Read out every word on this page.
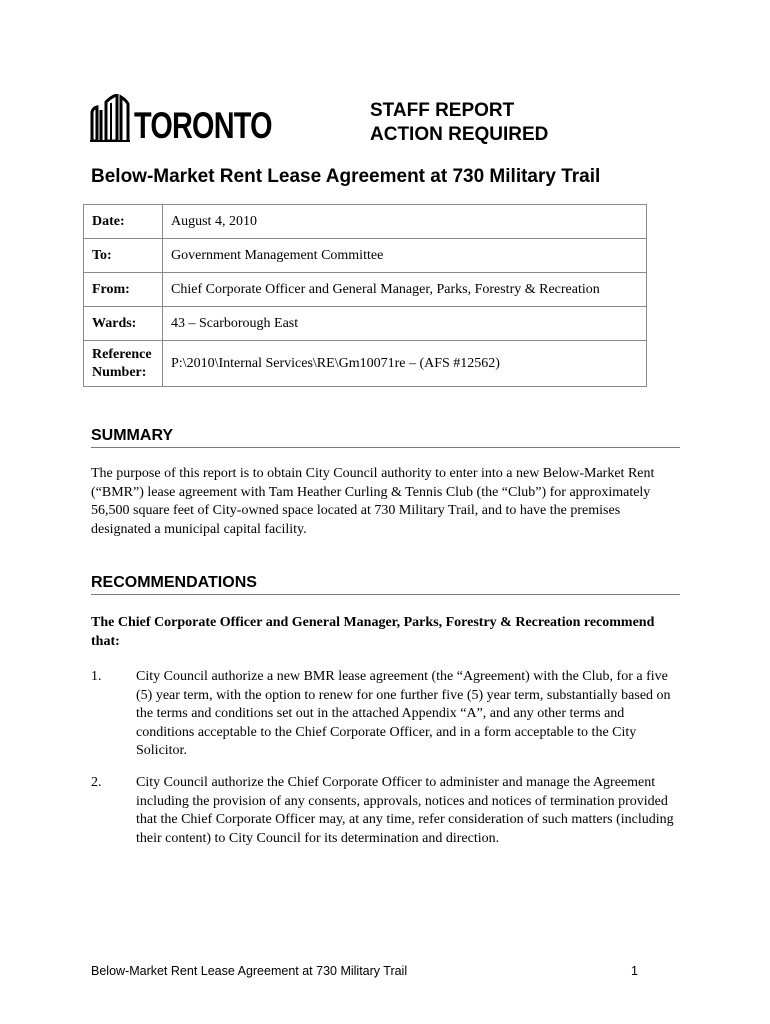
TORONTO	STAFF REPORT
ACTION REQUIRED
Below-Market Rent Lease Agreement at 730 Military Trail
Date:	August 4, 2010
To:	Government Management Committee
From:	Chief Corporate Officer and General Manager, Parks, Forestry & Recreation
Wards:	43 – Scarborough East

Reference
Number:	P:\2010\Internal Services\RE\Gm10071re – (AFS #12562)
SUMMARY

The purpose of this report is to obtain City Council authority to enter into a new Below-Market Rent (“BMR”) lease agreement with Tam Heather Curling & Tennis Club (the “Club”) for approximately 56,500 square feet of City-owned space located at 730 Military Trail, and to have the premises designated a municipal capital facility.

RECOMMENDATIONS

The Chief Corporate Officer and General Manager, Parks, Forestry & Recreation recommend that:

1. City Council authorize a new BMR lease agreement (the “Agreement) with the Club, for a five (5) year term, with the option to renew for one further five (5) year term, substantially based on the terms and conditions set out in the attached Appendix “A”, and any other terms and conditions acceptable to the Chief Corporate Officer, and in a form acceptable to the City Solicitor.
2. City Council authorize the Chief Corporate Officer to administer and manage the Agreement including the provision of any consents, approvals, notices and notices of termination provided that the Chief Corporate Officer may, at any time, refer consideration of such matters (including their content) to City Council for its determination and direction.
Below-Market Rent Lease Agreement at 730 Military Trail	1
